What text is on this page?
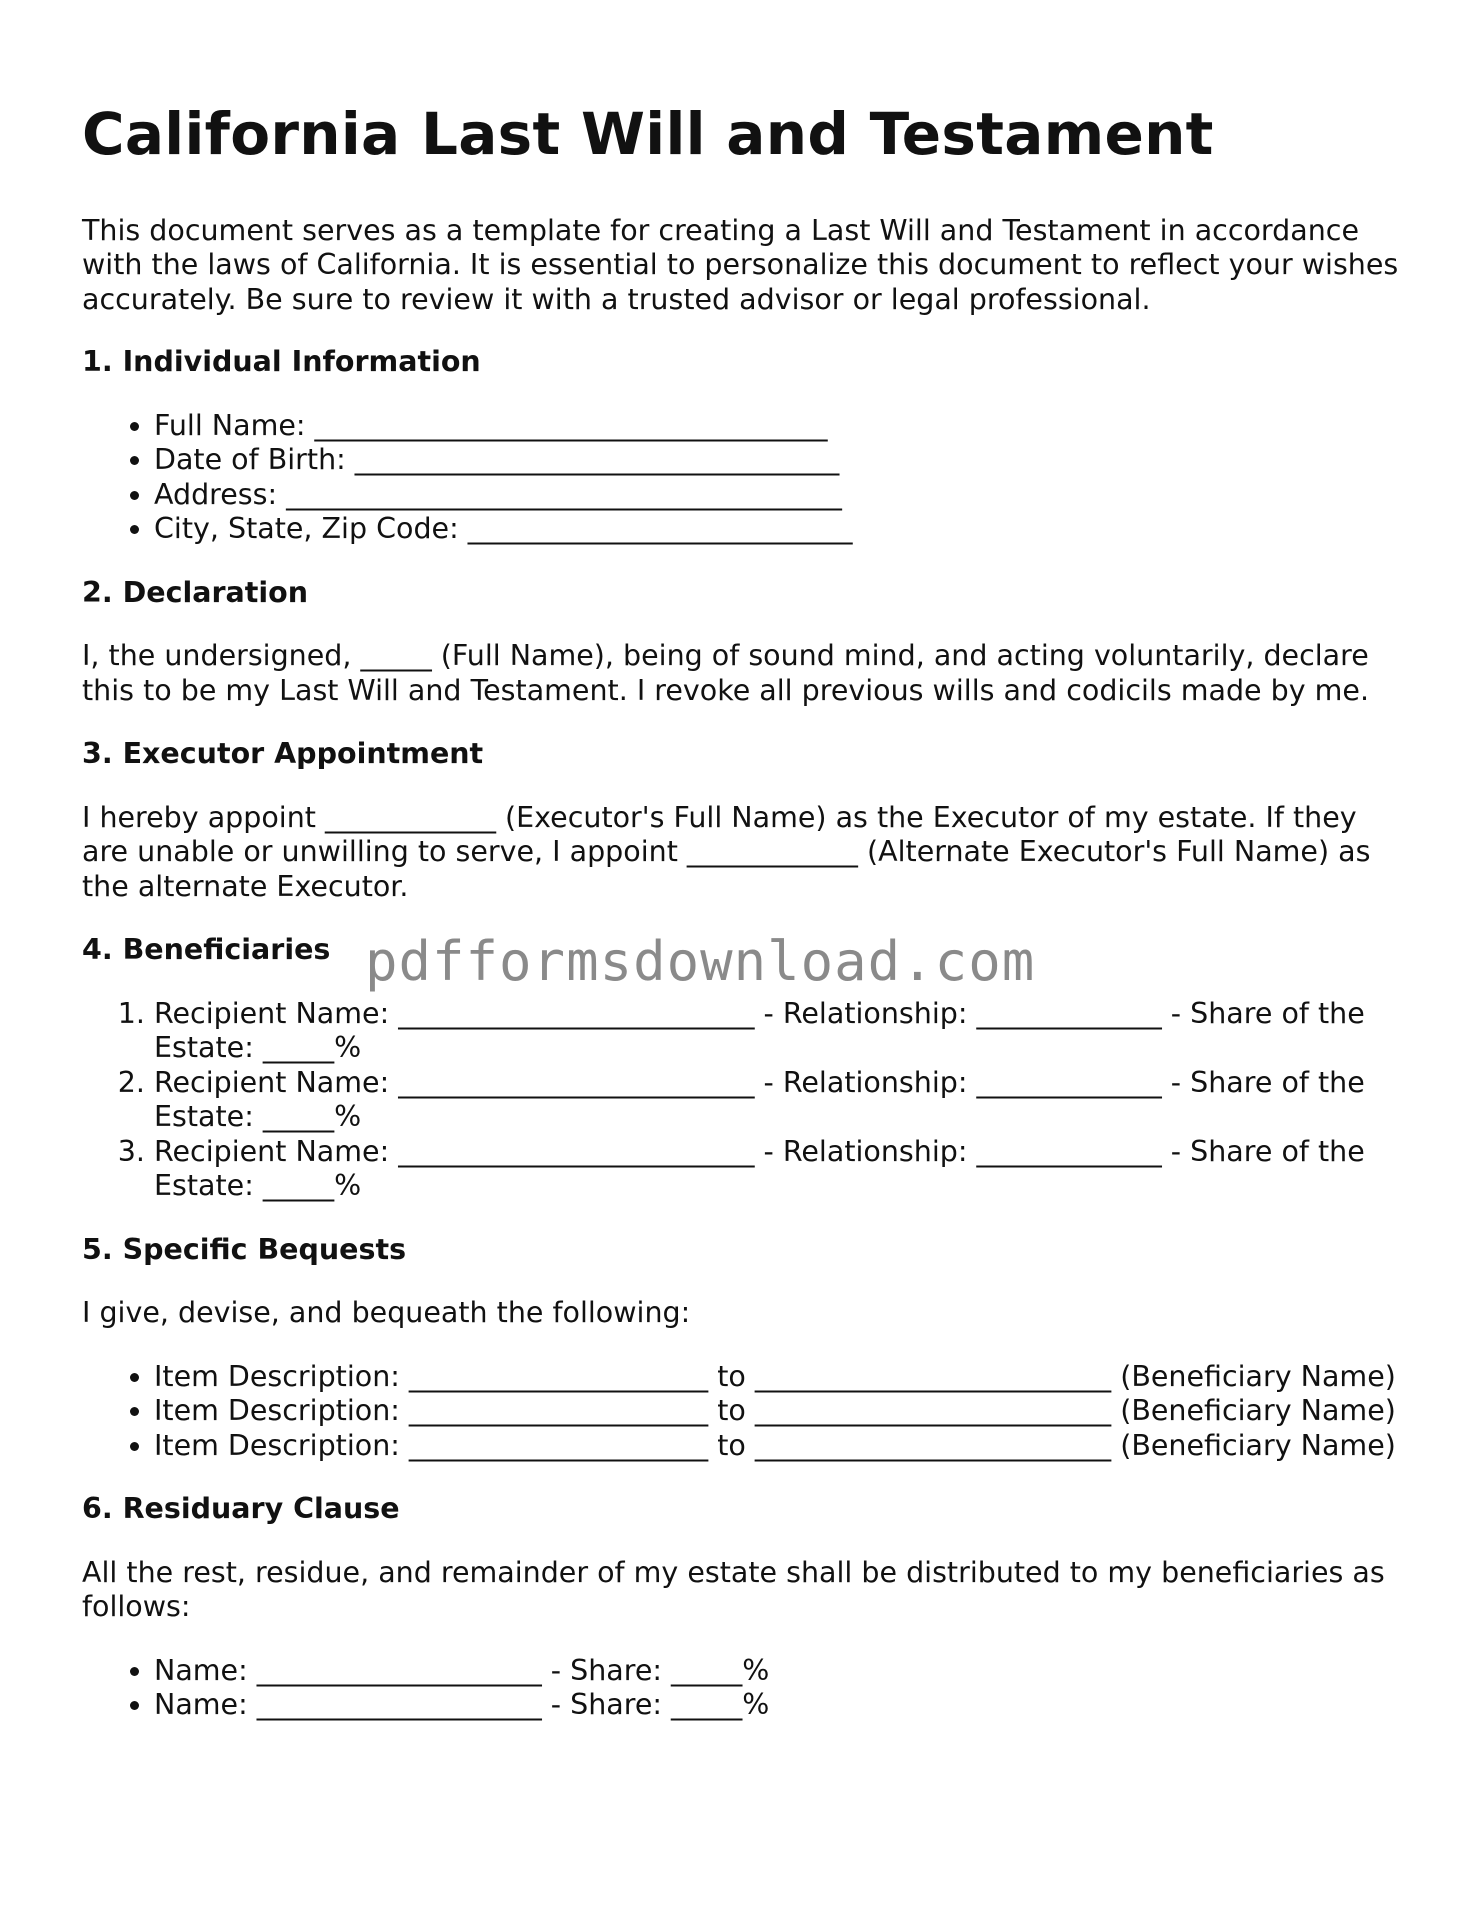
California Last Will and Testament

This document serves as a template for creating a Last Will and Testament in accordance with the laws of California. It is essential to personalize this document to reflect your wishes accurately. Be sure to review it with a trusted advisor or legal professional.

1. Individual Information
• Full Name: ____________________________________
• Date of Birth: __________________________________
• Address: _______________________________________
• City, State, Zip Code: ___________________________
2. Declaration

I, the undersigned, _____ (Full Name), being of sound mind, and acting voluntarily, declare this to be my Last Will and Testament. I revoke all previous wills and codicils made by me.

3. Executor Appointment

I hereby appoint ____________ (Executor's Full Name) as the Executor of my estate. If they are unable or unwilling to serve, I appoint ____________ (Alternate Executor's Full Name) as the alternate Executor.

4. Beneficiaries
1. Recipient Name: _________________________ - Relationship: _____________ - Share of the Estate: _____%
2. Recipient Name: _________________________ - Relationship: _____________ - Share of the Estate: _____%
3. Recipient Name: _________________________ - Relationship: _____________ - Share of the Estate: _____%
5. Specific Bequests

I give, devise, and bequeath the following:

• Item Description: _____________________ to _________________________ (Beneficiary Name)
• Item Description: _____________________ to _________________________ (Beneficiary Name)
• Item Description: _____________________ to _________________________ (Beneficiary Name)
6. Residuary Clause

All the rest, residue, and remainder of my estate shall be distributed to my beneficiaries as follows:

• Name: ____________________ - Share: _____%
• Name: ____________________ - Share: _____%
pdfformsdownload.com
